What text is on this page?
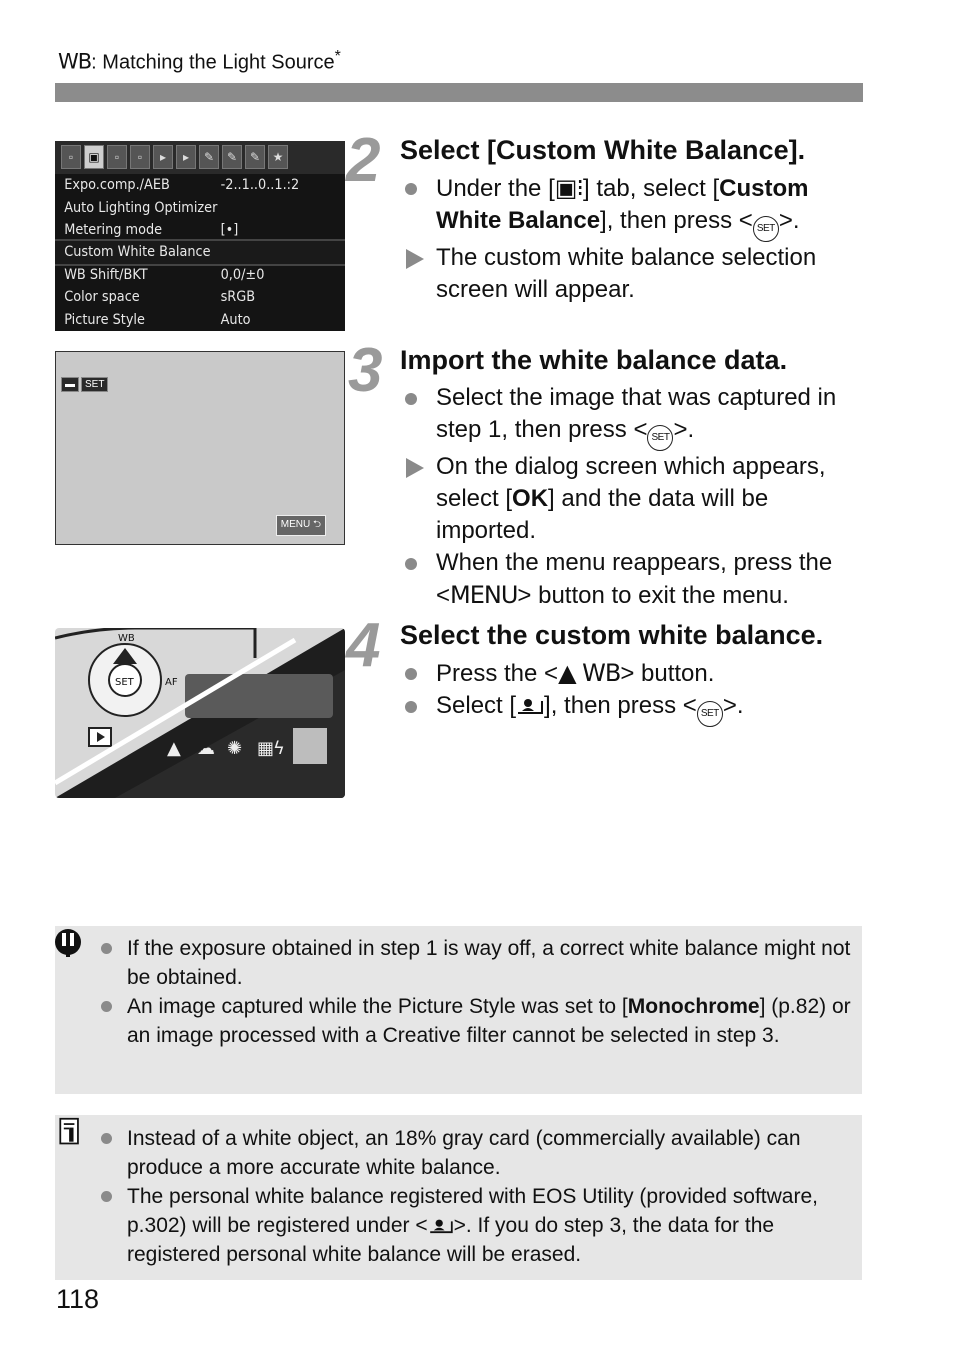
WB: Matching the Light Source*
▫	▣	▫	▫	▸	▸	✎	✎	✎	★
Expo.comp./AEB	-2..1..0..1.:2
Auto Lighting Optimizer
Metering mode	[•]
Custom White Balance
WB Shift/BKT	0,0/±0
Color space	sRGB
Picture Style	Auto
▬	SET
MENU ⮌
▲ ☁ ✺ ▦
ϟ
SET
WB
AF
2 Select [Custom White Balance].
Under the [▣⁝] tab, select [Custom White Balance], then press < SET >.
The custom white balance selection screen will appear.
3 Import the white balance data.
Select the image that was captured in step 1, then press < SET >.
On the dialog screen which appears, select [OK] and the data will be imported.
When the menu reappears, press the <MENU> button to exit the menu.
4 Select the custom white balance.
Press the <▲ WB> button.
Select [ ], then press < SET >.
If the exposure obtained in step 1 is way off, a correct white balance might not be obtained.
An image captured while the Picture Style was set to [Monochrome] (p.82) or an image processed with a Creative filter cannot be selected in step 3.
Instead of a white object, an 18% gray card (commercially available) can produce a more accurate white balance.
The personal white balance registered with EOS Utility (provided software, p.302) will be registered under < >. If you do step 3, the data for the registered personal white balance will be erased.
118
